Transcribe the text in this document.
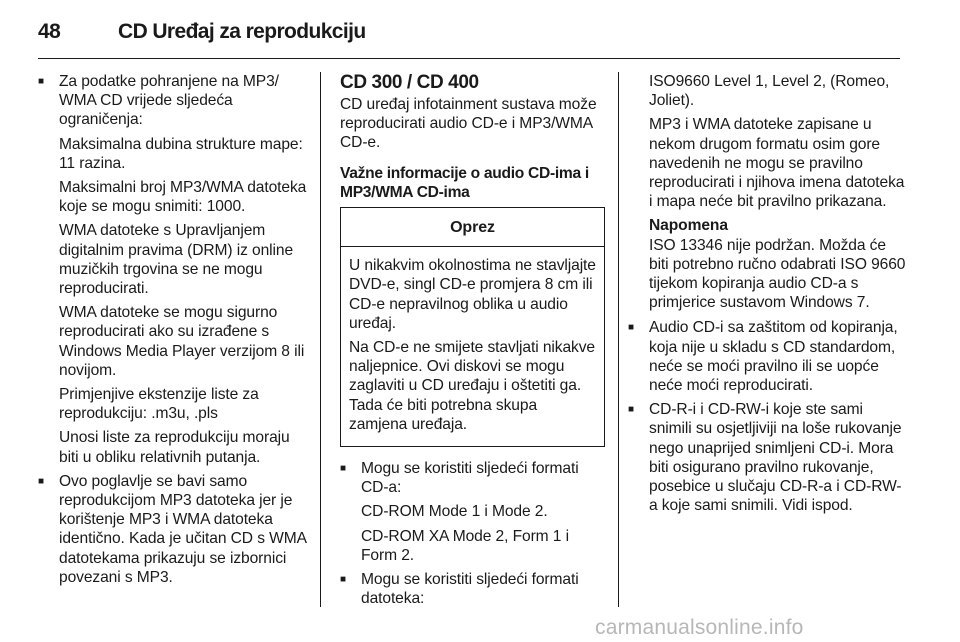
48	CD Uređaj za reprodukciju

■ Za podatke pohranjene na MP3/ WMA CD vrijede sljedeća ograničenja:

Maksimalna dubina strukture mape: 11 razina.

Maksimalni broj MP3/WMA datoteka koje se mogu snimiti: 1000.

WMA datoteke s Upravljanjem digitalnim pravima (DRM) iz online muzičkih trgovina se ne mogu reproducirati.

WMA datoteke se mogu sigurno reproducirati ako su izrađene s Windows Media Player verzijom 8 ili novijom.

Primjenjive ekstenzije liste za reprodukciju: .m3u, .pls

Unosi liste za reprodukciju moraju biti u obliku relativnih putanja.

■ Ovo poglavlje se bavi samo reprodukcijom MP3 datoteka jer je korištenje MP3 i WMA datoteka identično. Kada je učitan CD s WMA datotekama prikazuju se izbornici povezani s MP3.

CD 300 / CD 400

CD uređaj infotainment sustava može reproducirati audio CD-e i MP3/WMA CD-e.

Važne informacije o audio CD-ima i MP3/WMA CD-ima

Oprez

U nikakvim okolnostima ne stavljajte DVD-e, singl CD-e promjera 8 cm ili CD-e nepravilnog oblika u audio uređaj.

Na CD-e ne smijete stavljati nikakve naljepnice. Ovi diskovi se mogu zaglaviti u CD uređaju i oštetiti ga. Tada će biti potrebna skupa zamjena uređaja.

■ Mogu se koristiti sljedeći formati CD-a:

CD-ROM Mode 1 i Mode 2.

CD-ROM XA Mode 2, Form 1 i Form 2.

■ Mogu se koristiti sljedeći formati datoteka:

ISO9660 Level 1, Level 2, (Romeo, Joliet).

MP3 i WMA datoteke zapisane u nekom drugom formatu osim gore navedenih ne mogu se pravilno reproducirati i njihova imena datoteka i mapa neće bit pravilno prikazana.

Napomena

ISO 13346 nije podržan. Možda će biti potrebno ručno odabrati ISO 9660 tijekom kopiranja audio CD-a s primjerice sustavom Windows 7.

■ Audio CD-i sa zaštitom od kopiranja, koja nije u skladu s CD standardom, neće se moći pravilno ili se uopće neće moći reproducirati.

■ CD-R-i i CD-RW-i koje ste sami snimili su osjetljiviji na loše rukovanje nego unaprijed snimljeni CD-i. Mora biti osigurano pravilno rukovanje, posebice u slučaju CD-R-a i CD-RW-a koje sami snimili. Vidi ispod.

carmanualsonline.info
